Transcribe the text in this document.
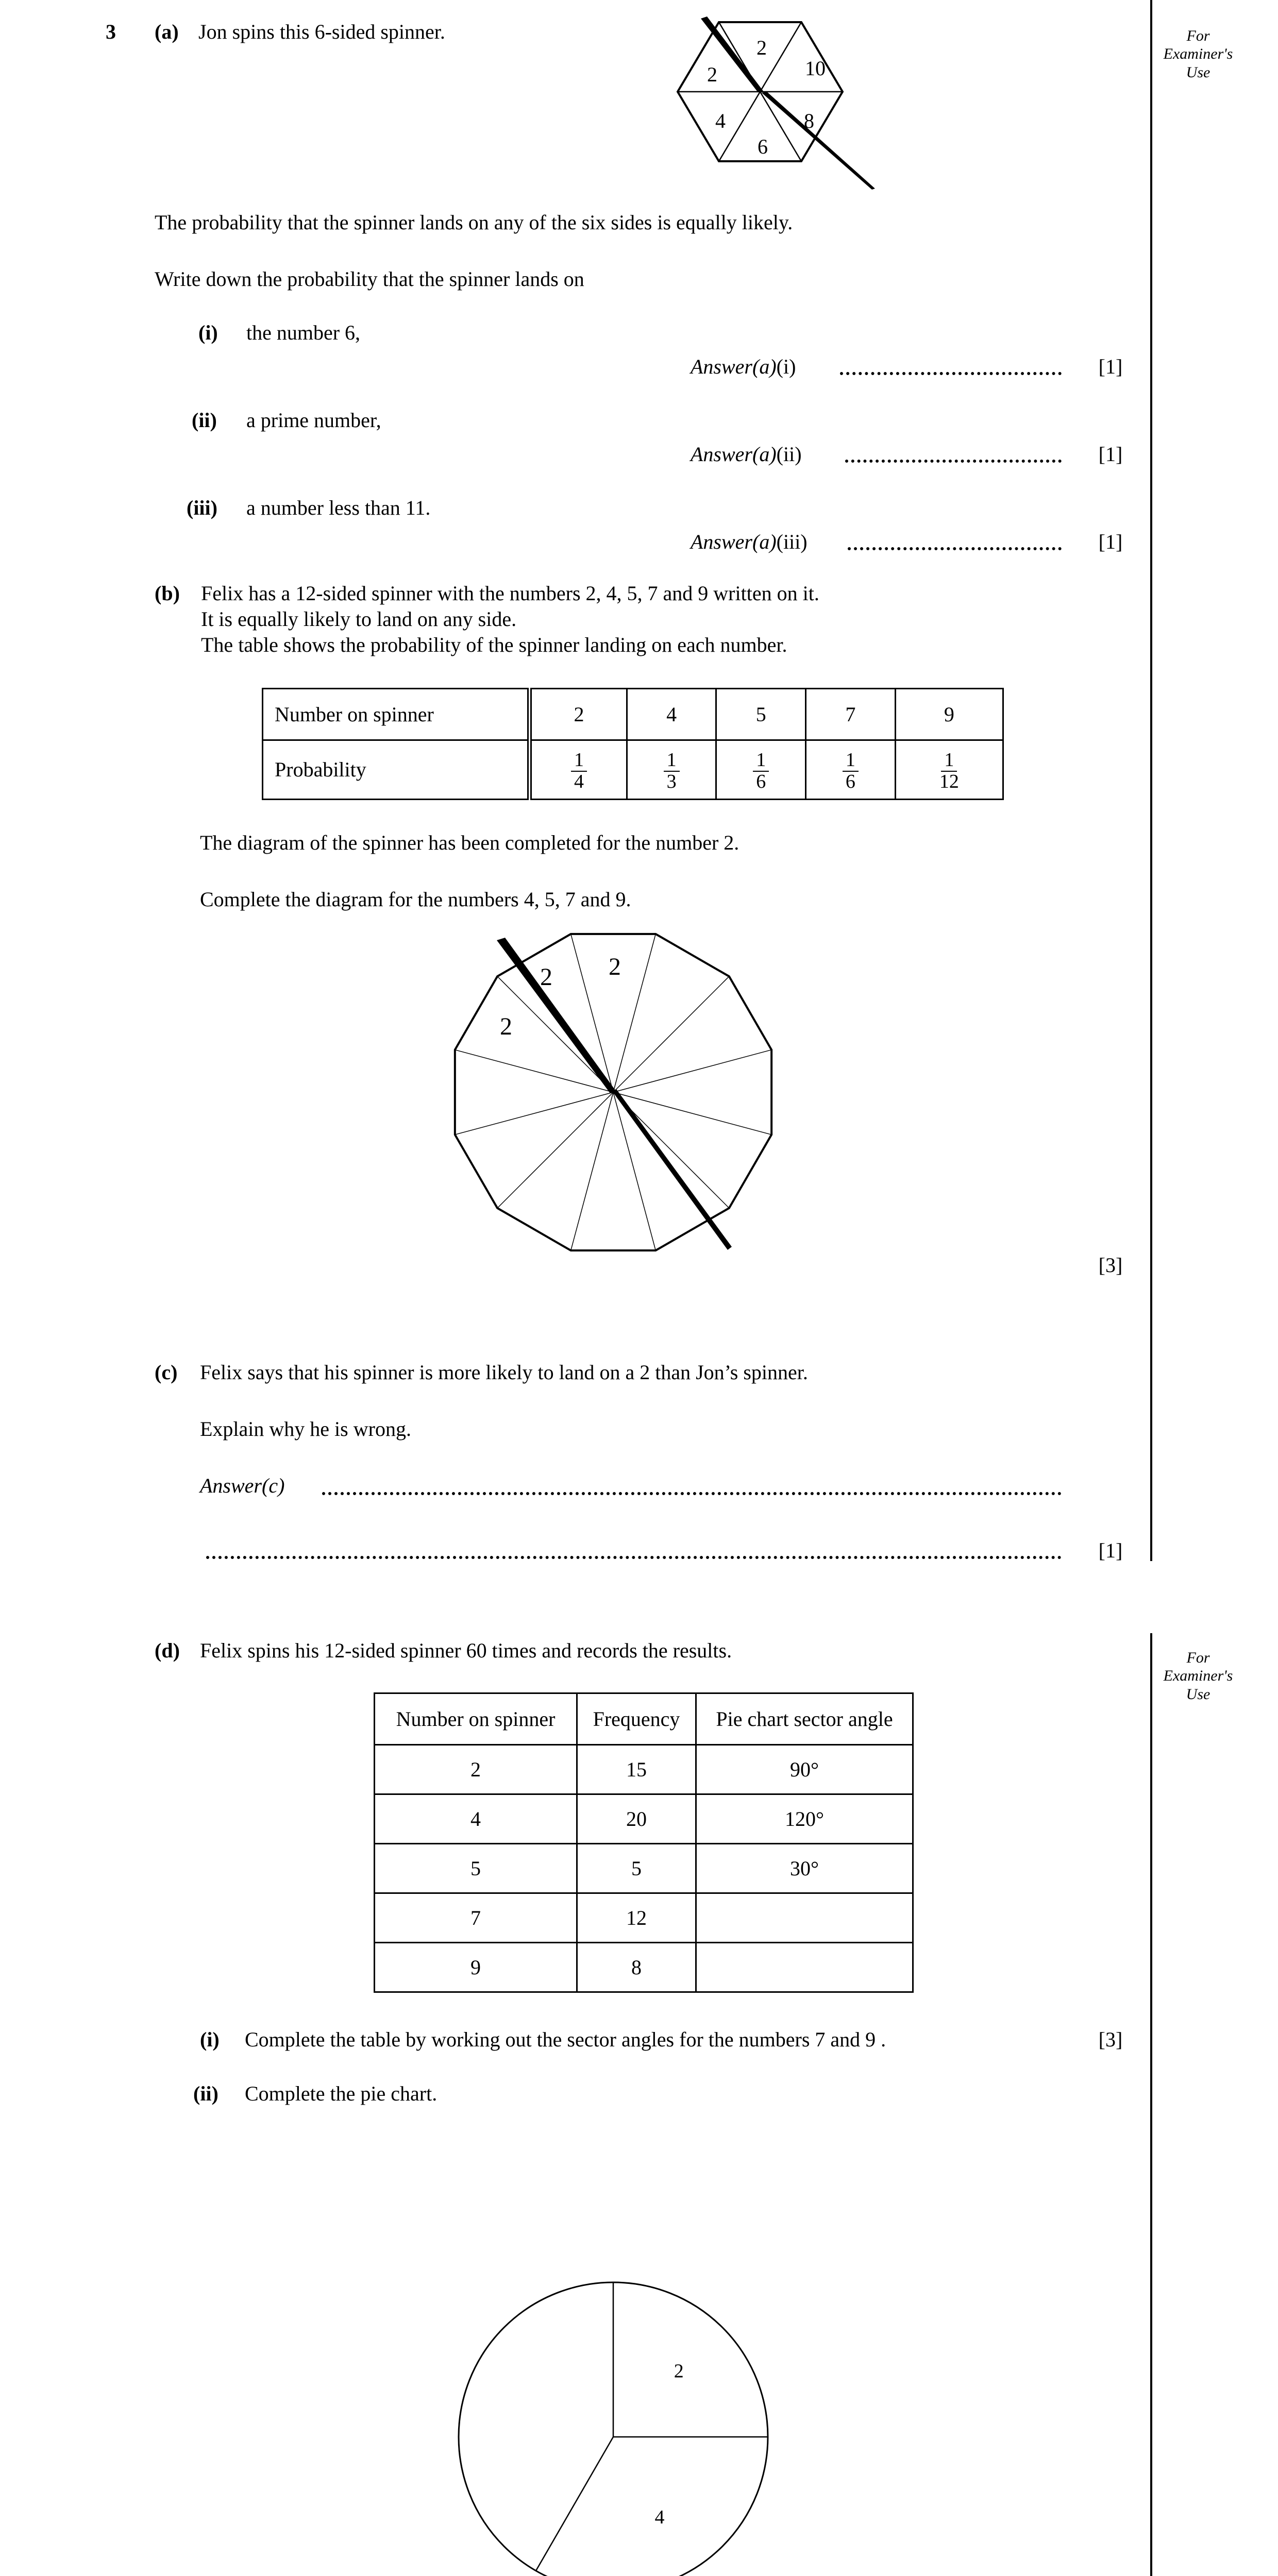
3	For
Examiner's
Use
For
Examiner's
Use
(a) Jon spins this 6-sided spinner.
2
10
8
6
4
2
The probability that the spinner lands on any of the six sides is equally likely.
Write down the probability that the spinner lands on
(i) the number 6,
Answer(a)(i)	[1]
(ii) a prime number,
Answer(a)(ii)	[1]
(iii) a number less than 11.
Answer(a)(iii)	[1]
(b) Felix has a 12-sided spinner with the numbers 2, 4, 5, 7 and 9 written on it.
It is equally likely to land on any side.
The table shows the probability of the spinner landing on each number.
Number on spinner	2	4	5	7	9
Probability	$\frac{1}{4}$	$\frac{1}{3}$	$\frac{1}{6}$	$\frac{1}{6}$	$\frac{1}{12}$
The diagram of the spinner has been completed for the number 2.
Complete the diagram for the numbers 4, 5, 7 and 9.
2 2
2
[3]
(c) Felix says that his spinner is more likely to land on a 2 than Jon’s spinner.
Explain why he is wrong.
Answer(c)
[1]
(d) Felix spins his 12-sided spinner 60 times and records the results.
Number on spinner	Frequency	Pie chart sector angle
2	15	90°
4	20	120°
5	5	30°
7	12	
9	8	
(i) Complete the table by working out the sector angles for the numbers 7 and 9 .	[3]
(ii) Complete the pie chart.
2
4
